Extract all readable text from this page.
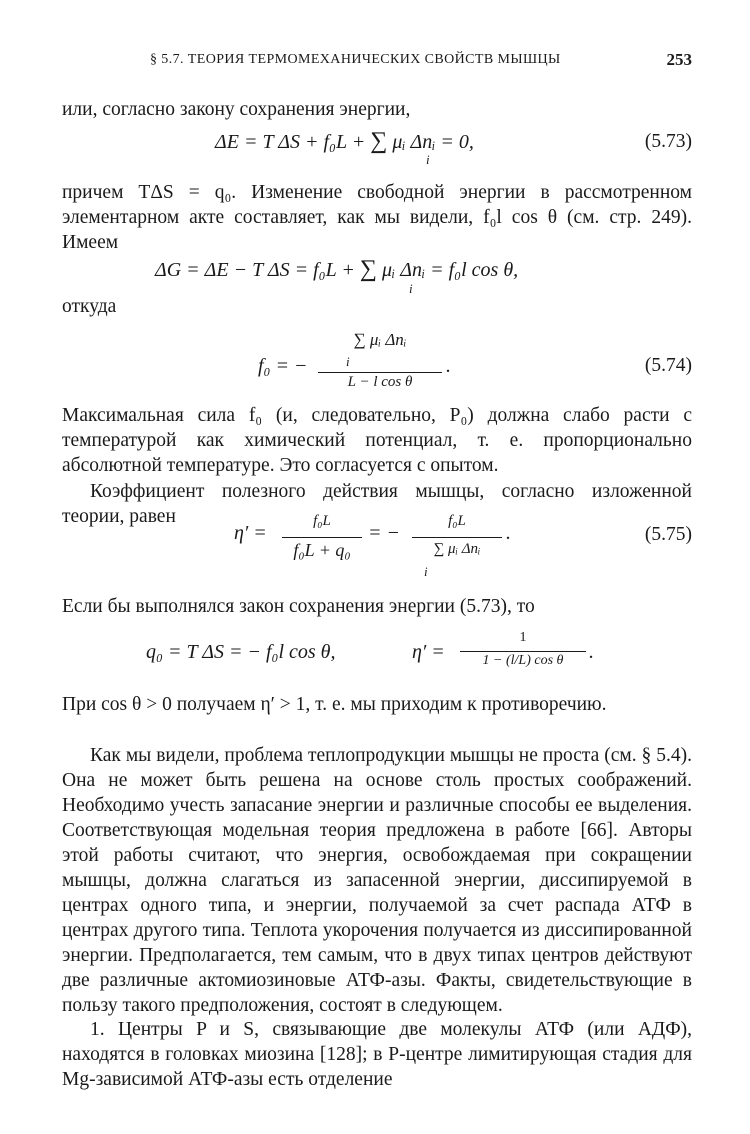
§ 5.7. ТЕОРИЯ ТЕРМОМЕХАНИЧЕСКИХ СВОЙСТВ МЫШЦЫ	253
или, согласно закону сохранения энергии,
ΔE = T ΔS + f₀L + ∑ μᵢ Δnᵢ = 0,
i
(5.73)
причем TΔS = q₀. Изменение свободной энергии в рассмотренном элементарном акте составляет, как мы видели, f₀l cos θ (см. стр. 249). Имеем
ΔG = ΔE − T ΔS = f₀L + ∑ μᵢ Δnᵢ = f₀l cos θ,
i
откуда
f₀ = −
∑ μᵢ Δnᵢ
i
L − l cos θ
.	(5.74)
Максимальная сила f₀ (и, следовательно, P₀) должна слабо расти с температурой как химический потенциал, т. е. пропорционально абсолютной температуре. Это согласуется с опытом.
Коэффициент полезного действия мышцы, согласно изложенной теории, равен
η′ =
f₀L
f₀L + q₀
= −
f₀L
∑ μᵢ Δnᵢ
i
.	(5.75)
Если бы выполнялся закон сохранения энергии (5.73), то
q₀ = T ΔS = − f₀l cos θ,	η′ =
1
1 − (l/L) cos θ	.
При cos θ > 0 получаем η′ > 1, т. е. мы приходим к противоречию.
Как мы видели, проблема теплопродукции мышцы не проста (см. § 5.4). Она не может быть решена на основе столь простых соображений. Необходимо учесть запасание энергии и различные способы ее выделения. Соответствующая модельная теория предложена в работе [66]. Авторы этой работы считают, что энергия, освобождаемая при сокращении мышцы, должна слагаться из запасенной энергии, диссипируемой в центрах одного типа, и энергии, получаемой за счет распада АТФ в центрах другого типа. Теплота укорочения получается из диссипированной энергии. Предполагается, тем самым, что в двух типах центров действуют две различные актомиозиновые АТФ-азы. Факты, свидетельствующие в пользу такого предположения, состоят в следующем.
1. Центры P и S, связывающие две молекулы АТФ (или АДФ), находятся в головках миозина [128]; в P-центре лимитирующая стадия для Mg-зависимой АТФ-азы есть отделение
